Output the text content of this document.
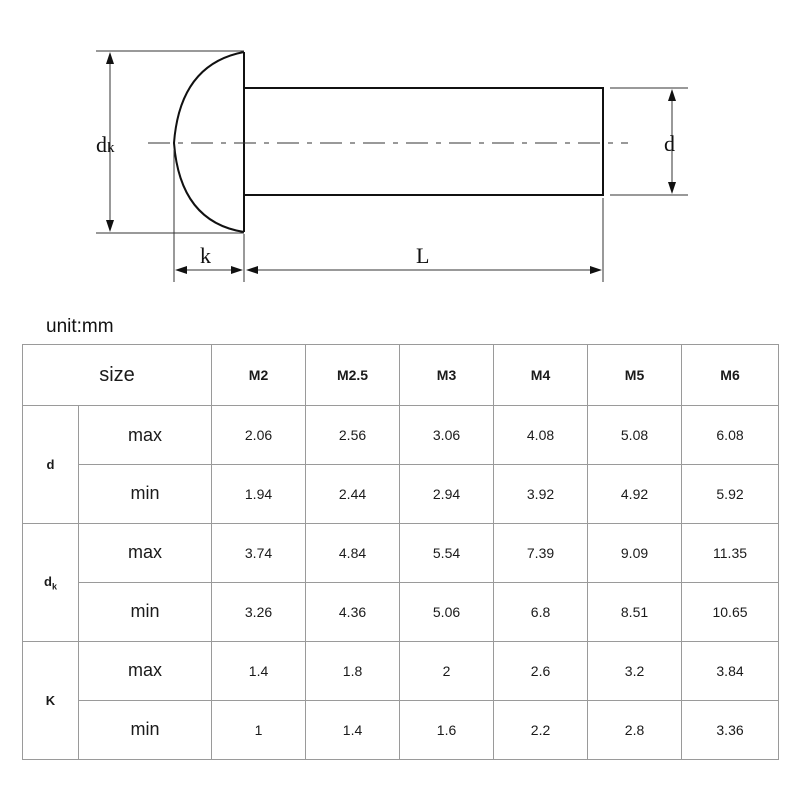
dk	d
k	L
unit:mm
size		M2	M2.5	M3	M4	M5	M6
d	max	2.06	2.56	3.06	4.08	5.08	6.08
	min	1.94	2.44	2.94	3.92	4.92	5.92
$d_k$	max	3.74	4.84	5.54	7.39	9.09	11.35
	min	3.26	4.36	5.06	6.8	8.51	10.65
K	max	1.4	1.8	2	2.6	3.2	3.84
	min	1	1.4	1.6	2.2	2.8	3.36
